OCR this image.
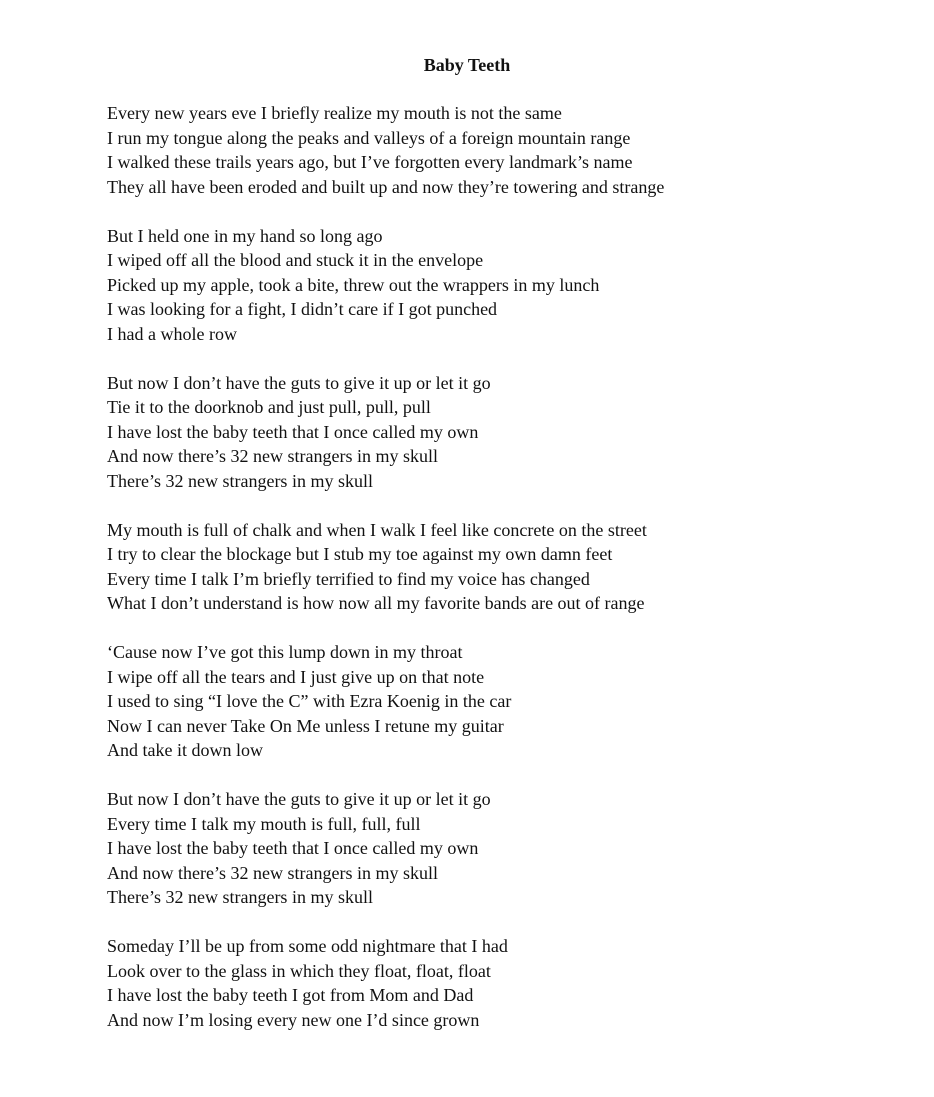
Baby Teeth
Every new years eve I briefly realize my mouth is not the same
I run my tongue along the peaks and valleys of a foreign mountain range
I walked these trails years ago, but I’ve forgotten every landmark’s name
They all have been eroded and built up and now they’re towering and strange
But I held one in my hand so long ago
I wiped off all the blood and stuck it in the envelope
Picked up my apple, took a bite, threw out the wrappers in my lunch
I was looking for a fight, I didn’t care if I got punched
I had a whole row
But now I don’t have the guts to give it up or let it go
Tie it to the doorknob and just pull, pull, pull
I have lost the baby teeth that I once called my own
And now there’s 32 new strangers in my skull
There’s 32 new strangers in my skull
My mouth is full of chalk and when I walk I feel like concrete on the street
I try to clear the blockage but I stub my toe against my own damn feet
Every time I talk I’m briefly terrified to find my voice has changed
What I don’t understand is how now all my favorite bands are out of range
‘Cause now I’ve got this lump down in my throat
I wipe off all the tears and I just give up on that note
I used to sing “I love the C” with Ezra Koenig in the car
Now I can never Take On Me unless I retune my guitar
And take it down low
But now I don’t have the guts to give it up or let it go
Every time I talk my mouth is full, full, full
I have lost the baby teeth that I once called my own
And now there’s 32 new strangers in my skull
There’s 32 new strangers in my skull
Someday I’ll be up from some odd nightmare that I had
Look over to the glass in which they float, float, float
I have lost the baby teeth I got from Mom and Dad
And now I’m losing every new one I’d since grown
